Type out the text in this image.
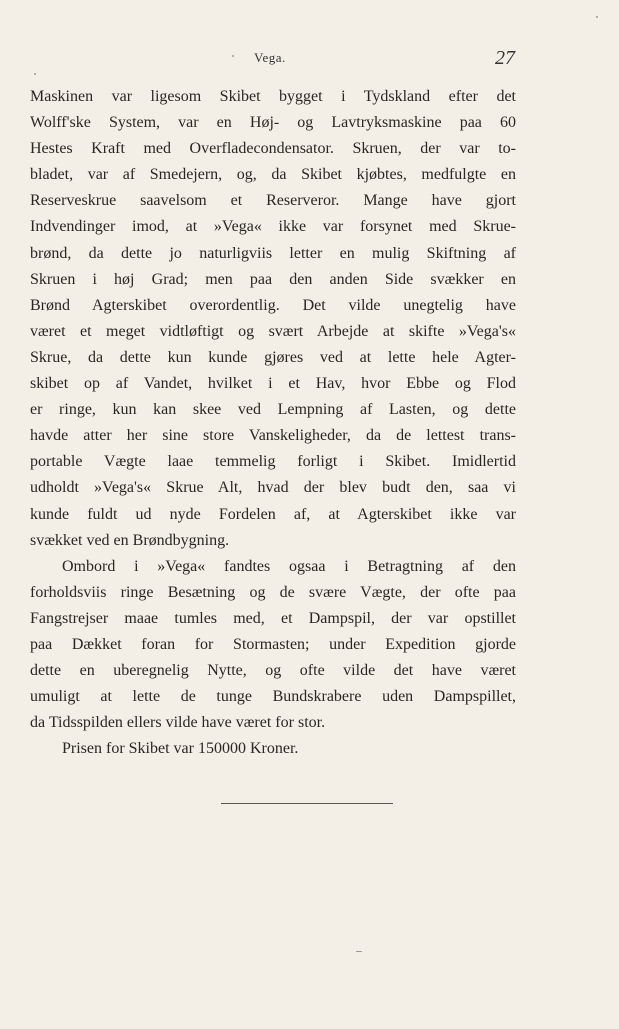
Vega.	27
Maskinen var ligesom Skibet bygget i Tydskland efter det
Wolff'ske System, var en Høj- og Lavtryksmaskine paa 60
Hestes Kraft med Overfladecondensator. Skruen, der var to-
bladet, var af Smedejern, og, da Skibet kjøbtes, medfulgte en
Reserveskrue saavelsom et Reserveror. Mange have gjort
Indvendinger imod, at »Vega« ikke var forsynet med Skrue-
brønd, da dette jo naturligviis letter en mulig Skiftning af
Skruen i høj Grad; men paa den anden Side svækker en
Brønd Agterskibet overordentlig. Det vilde unegtelig have
været et meget vidtløftigt og svært Arbejde at skifte »Vega's«
Skrue, da dette kun kunde gjøres ved at lette hele Agter-
skibet op af Vandet, hvilket i et Hav, hvor Ebbe og Flod
er ringe, kun kan skee ved Lempning af Lasten, og dette
havde atter her sine store Vanskeligheder, da de lettest trans-
portable Vægte laae temmelig forligt i Skibet. Imidlertid
udholdt »Vega's« Skrue Alt, hvad der blev budt den, saa vi
kunde fuldt ud nyde Fordelen af, at Agterskibet ikke var
svækket ved en Brøndbygning.
Ombord i »Vega« fandtes ogsaa i Betragtning af den
forholdsviis ringe Besætning og de svære Vægte, der ofte paa
Fangstrejser maae tumles med, et Dampspil, der var opstillet
paa Dækket foran for Stormasten; under Expedition gjorde
dette en uberegnelig Nytte, og ofte vilde det have været
umuligt at lette de tunge Bundskrabere uden Dampspillet,
da Tidsspilden ellers vilde have været for stor.
Prisen for Skibet var 150000 Kroner.
